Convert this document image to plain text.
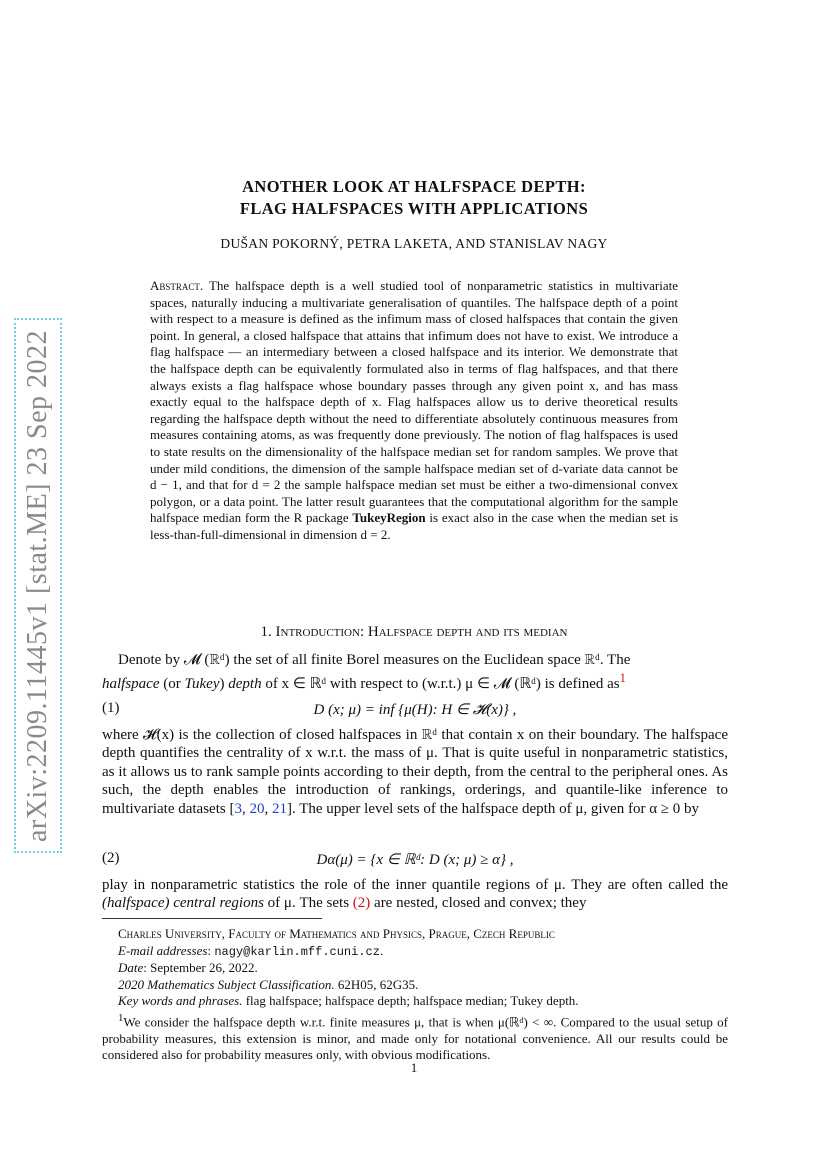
arXiv:2209.11445v1 [stat.ME] 23 Sep 2022
ANOTHER LOOK AT HALFSPACE DEPTH:
FLAG HALFSPACES WITH APPLICATIONS
DUŠAN POKORNÝ, PETRA LAKETA, AND STANISLAV NAGY
Abstract. The halfspace depth is a well studied tool of nonparametric statistics in multivariate spaces, naturally inducing a multivariate generalisation of quantiles. The halfspace depth of a point with respect to a measure is defined as the infimum mass of closed halfspaces that contain the given point. In general, a closed halfspace that attains that infimum does not have to exist. We introduce a flag halfspace — an intermediary between a closed halfspace and its interior. We demonstrate that the halfspace depth can be equivalently formulated also in terms of flag halfspaces, and that there always exists a flag halfspace whose boundary passes through any given point x, and has mass exactly equal to the halfspace depth of x. Flag halfspaces allow us to derive theoretical results regarding the halfspace depth without the need to differentiate absolutely continuous measures from measures containing atoms, as was frequently done previously. The notion of flag halfspaces is used to state results on the dimensionality of the halfspace median set for random samples. We prove that under mild conditions, the dimension of the sample halfspace median set of d-variate data cannot be d − 1, and that for d = 2 the sample halfspace median set must be either a two-dimensional convex polygon, or a data point. The latter result guarantees that the computational algorithm for the sample halfspace median form the R package TukeyRegion is exact also in the case when the median set is less-than-full-dimensional in dimension d = 2.
1. Introduction: Halfspace depth and its median
Denote by 𝓜 (ℝᵈ) the set of all finite Borel measures on the Euclidean space ℝᵈ. The
halfspace (or Tukey) depth of x ∈ ℝᵈ with respect to (w.r.t.) μ ∈ 𝓜 (ℝᵈ) is defined $as^1$
(1)	D (x; μ) = inf {μ(H): H ∈ 𝓗(x)} ,
where 𝓗(x) is the collection of closed halfspaces in ℝᵈ that contain x on their boundary. The halfspace depth quantifies the centrality of x w.r.t. the mass of μ. That is quite useful in nonparametric statistics, as it allows us to rank sample points according to their depth, from the central to the peripheral ones. As such, the depth enables the introduction of rankings, orderings, and quantile-like inference to multivariate datasets [3, 20, 21]. The upper level sets of the halfspace depth of μ, given for α ≥ 0 by
(2)	Dα(μ) = {x ∈ ℝᵈ: D (x; μ) ≥ α} ,
play in nonparametric statistics the role of the inner quantile regions of μ. They are often called the (halfspace) central regions of μ. The sets (2) are nested, closed and convex; they
Charles University, Faculty of Mathematics and Physics, Prague, Czech Republic
E-mail addresses: nagy@karlin.mff.cuni.cz.
Date: September 26, 2022.
2020 Mathematics Subject Classification. 62H05, 62G35.
Key words and phrases. flag halfspace; halfspace depth; halfspace median; Tukey depth.
$^1$We consider the halfspace depth w.r.t. finite measures μ, that is when μ(ℝᵈ) < ∞. Compared to the usual setup of probability measures, this extension is minor, and made only for notational convenience. All our results could be considered also for probability measures only, with obvious modifications.
1
